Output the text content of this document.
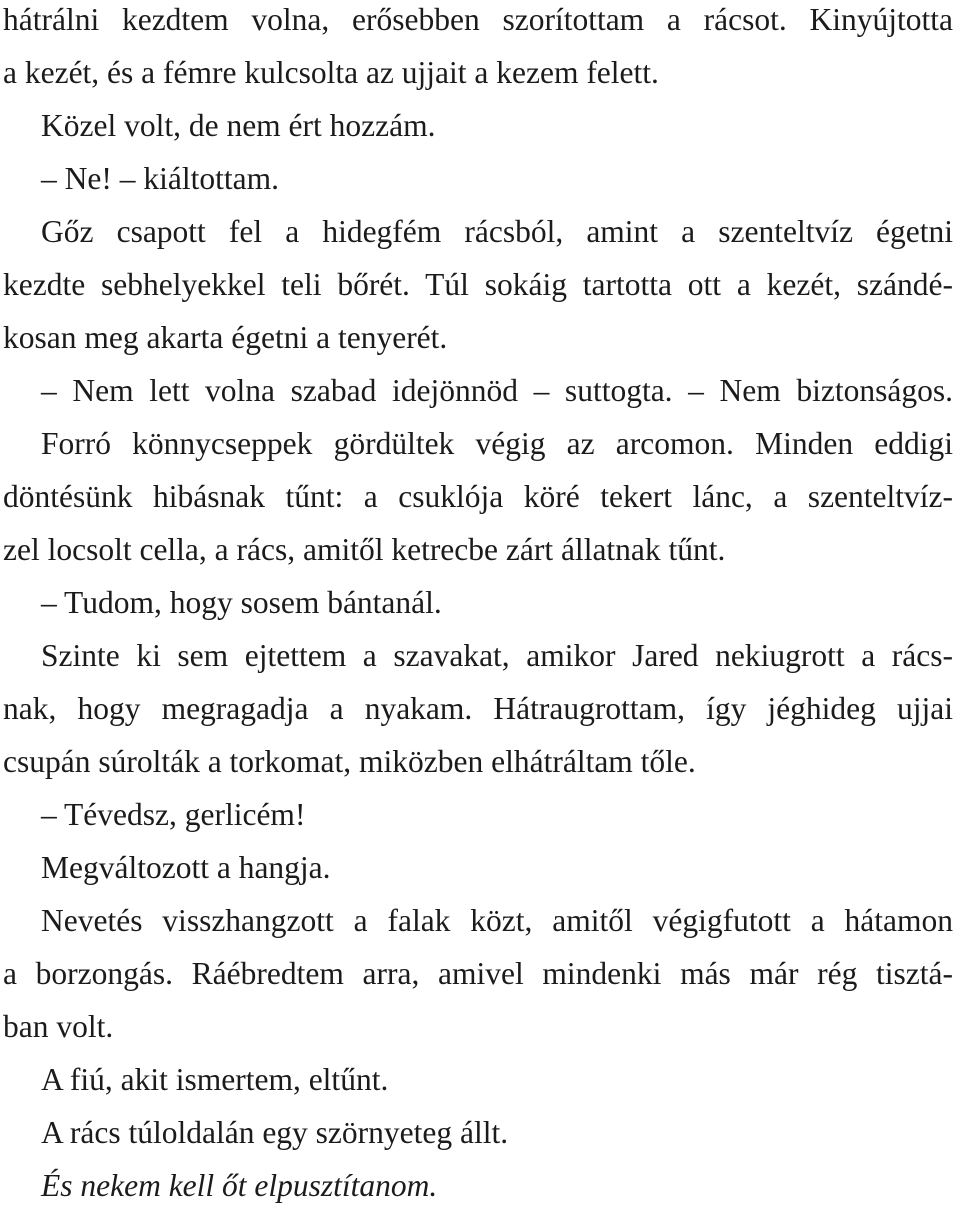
hátrálni kezdtem volna, erősebben szorítottam a rácsot. Kinyújtotta
a kezét, és a fémre kulcsolta az ujjait a kezem felett.
Közel volt, de nem ért hozzám.
– Ne! – kiáltottam.
Gőz csapott fel a hidegfém rácsból, amint a szenteltvíz égetni
kezdte sebhelyekkel teli bőrét. Túl sokáig tartotta ott a kezét, szándé-
kosan meg akarta égetni a tenyerét.
– Nem lett volna szabad idejönnöd – suttogta. – Nem biztonságos.
Forró könnycseppek gördültek végig az arcomon. Minden eddigi
döntésünk hibásnak tűnt: a csuklója köré tekert lánc, a szenteltvíz-
zel locsolt cella, a rács, amitől ketrecbe zárt állatnak tűnt.
– Tudom, hogy sosem bántanál.
Szinte ki sem ejtettem a szavakat, amikor Jared nekiugrott a rács-
nak, hogy megragadja a nyakam. Hátraugrottam, így jéghideg ujjai
csupán súrolták a torkomat, miközben elhátráltam tőle.
– Tévedsz, gerlicém!
Megváltozott a hangja.
Nevetés visszhangzott a falak közt, amitől végigfutott a hátamon
a borzongás. Ráébredtem arra, amivel mindenki más már rég tisztá-
ban volt.
A fiú, akit ismertem, eltűnt.
A rács túloldalán egy szörnyeteg állt.
És nekem kell őt elpusztítanom.
